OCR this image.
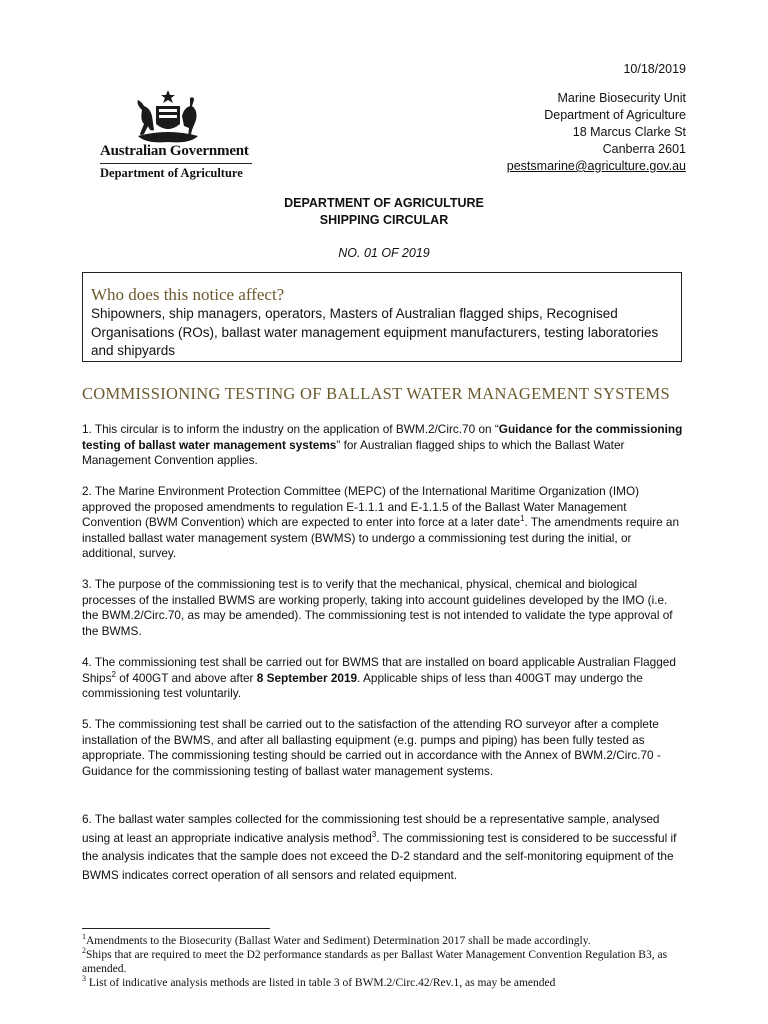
10/18/2019
Marine Biosecurity Unit
Department of Agriculture
18 Marcus Clarke St
Canberra 2601
pestsmarine@agriculture.gov.au
Australian Government
Department of Agriculture
DEPARTMENT OF AGRICULTURE
SHIPPING CIRCULAR
NO. 01 OF 2019
Who does this notice affect?
Shipowners, ship managers, operators, Masters of Australian flagged ships, Recognised Organisations (ROs), ballast water management equipment manufacturers, testing laboratories and shipyards
COMMISSIONING TESTING OF BALLAST WATER MANAGEMENT SYSTEMS
1. This circular is to inform the industry on the application of BWM.2/Circ.70 on “Guidance for the commissioning testing of ballast water management systems” for Australian flagged ships to which the Ballast Water Management Convention applies.
2. The Marine Environment Protection Committee (MEPC) of the International Maritime Organization (IMO) approved the proposed amendments to regulation E-1.1.1 and E-1.1.5 of the Ballast Water Management Convention (BWM Convention) which are expected to enter into force at a later date$^1$. The amendments require an installed ballast water management system (BWMS) to undergo a commissioning test during the initial, or additional, survey.
3. The purpose of the commissioning test is to verify that the mechanical, physical, chemical and biological processes of the installed BWMS are working properly, taking into account guidelines developed by the IMO (i.e. the BWM.2/Circ.70, as may be amended). The commissioning test is not intended to validate the type approval of the BWMS.
4. The commissioning test shall be carried out for BWMS that are installed on board applicable Australian Flagged Ships$^2$ of 400GT and above after 8 September 2019. Applicable ships of less than 400GT may undergo the commissioning test voluntarily.
5. The commissioning test shall be carried out to the satisfaction of the attending RO surveyor after a complete installation of the BWMS, and after all ballasting equipment (e.g. pumps and piping) has been fully tested as appropriate. The commissioning testing should be carried out in accordance with the Annex of BWM.2/Circ.70 - Guidance for the commissioning testing of ballast water management systems.
6. The ballast water samples collected for the commissioning test should be a representative sample, analysed using at least an appropriate indicative analysis method$^3$. The commissioning test is considered to be successful if the analysis indicates that the sample does not exceed the D-2 standard and the self-monitoring equipment of the BWMS indicates correct operation of all sensors and related equipment.

$^1$Amendments to the Biosecurity (Ballast Water and Sediment) Determination 2017 shall be made accordingly.

$^2$Ships that are required to meet the D2 performance standards as per Ballast Water Management Convention Regulation B3, as amended.

$^3$ List of indicative analysis methods are listed in table 3 of BWM.2/Circ.42/Rev.1, as may be amended
